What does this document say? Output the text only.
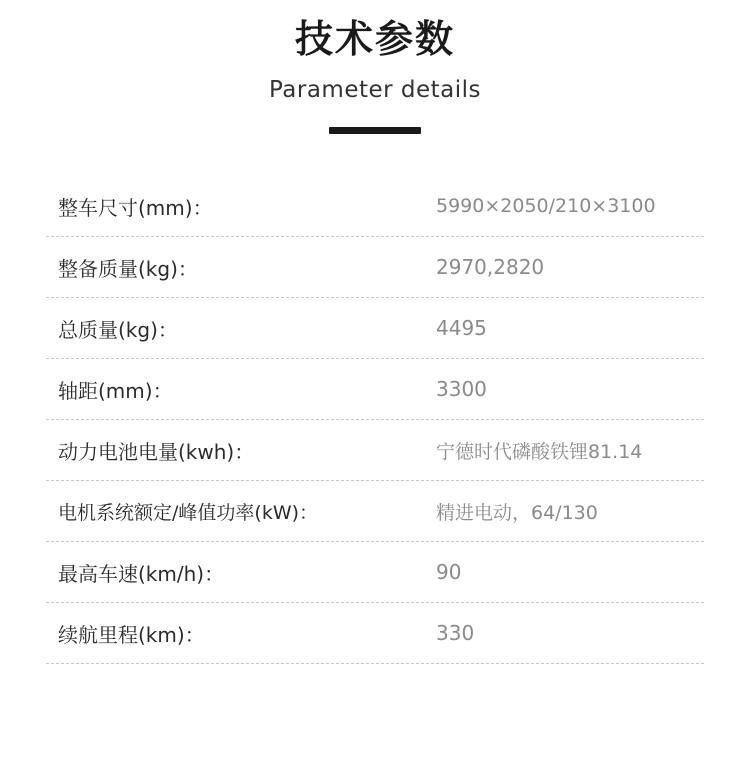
技术参数
Parameter details
整车尺寸(mm)：	5990×2050/210×3100
整备质量(kg)：	2970,2820
总质量(kg)：	4495
轴距(mm)：	3300
动力电池电量(kwh)：	宁德时代磷酸铁锂81.14
电机系统额定/峰值功率(kW)：	精进电动，64/130
最高车速(km/h)：	90
续航里程(km)：	330
